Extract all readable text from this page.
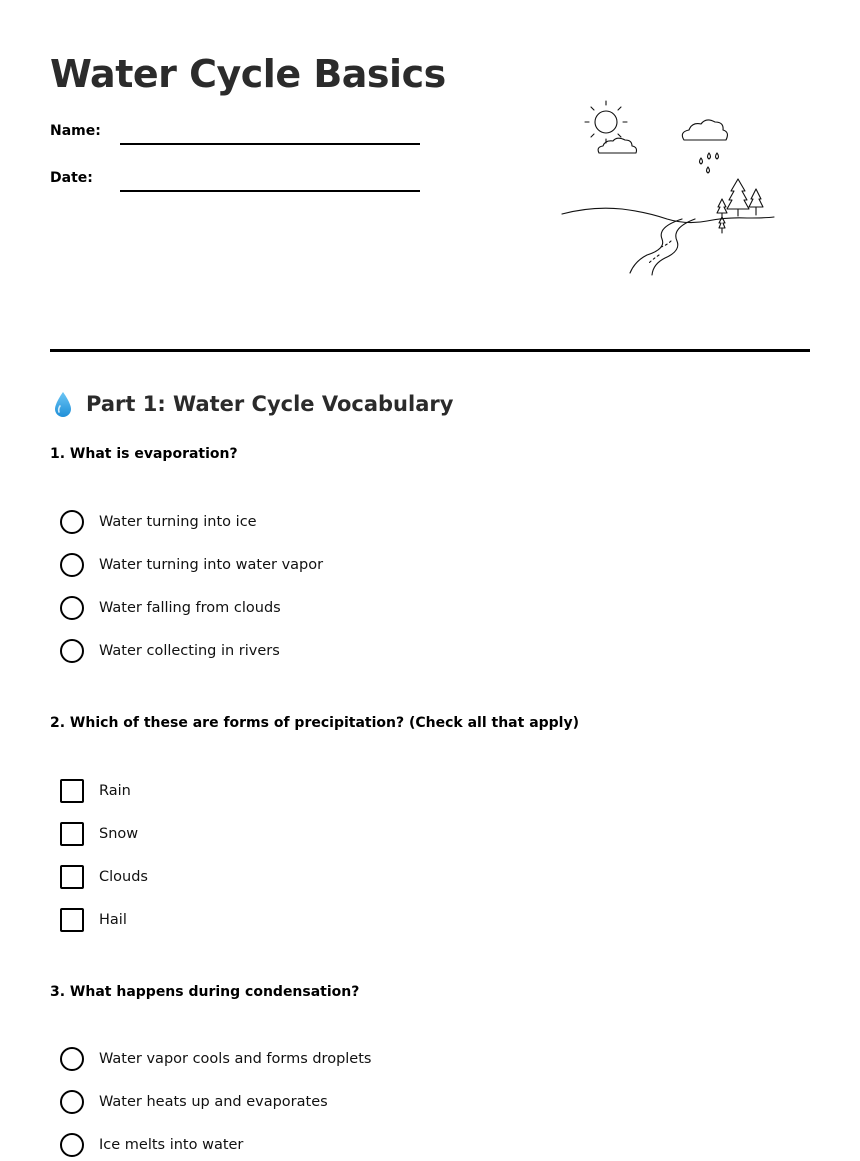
Water Cycle Basics
Name:
Date:
Part 1: Water Cycle Vocabulary

1. What is evaporation?

Water turning into ice
Water turning into water vapor
Water falling from clouds
Water collecting in rivers

2. Which of these are forms of precipitation? (Check all that apply)

Rain
Snow
Clouds
Hail

3. What happens during condensation?

Water vapor cools and forms droplets
Water heats up and evaporates
Ice melts into water
